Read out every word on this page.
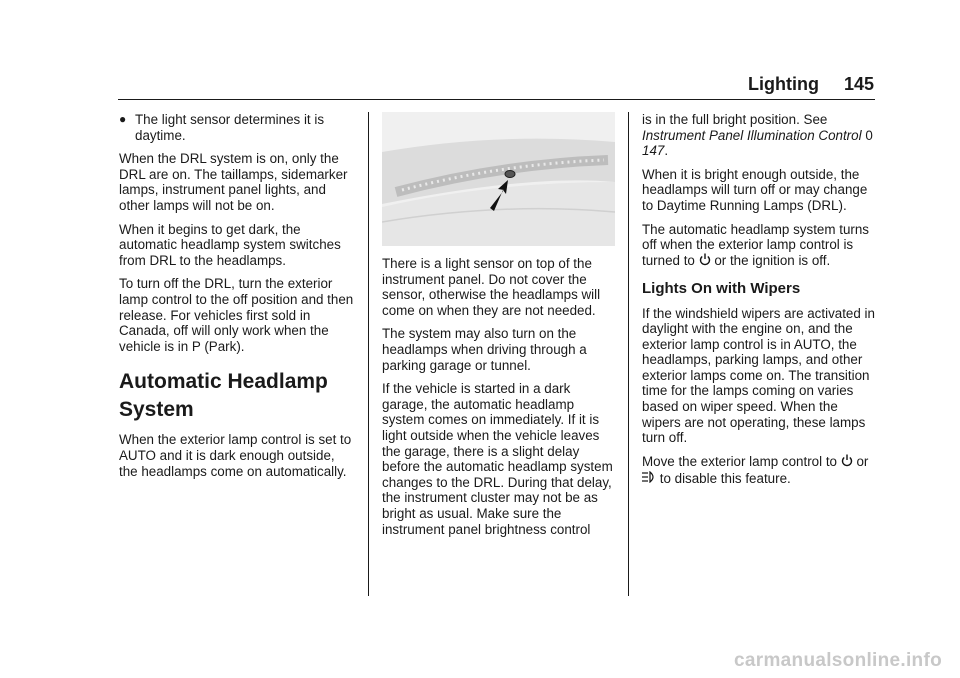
Lighting 145
● The light sensor determines it is daytime.

When the DRL system is on, only the DRL are on. The taillamps, sidemarker lamps, instrument panel lights, and other lamps will not be on.

When it begins to get dark, the automatic headlamp system switches from DRL to the headlamps.

To turn off the DRL, turn the exterior lamp control to the off position and then release. For vehicles first sold in Canada, off will only work when the vehicle is in P (Park).

Automatic Headlamp System

When the exterior lamp control is set to AUTO and it is dark enough outside, the headlamps come on automatically.

There is a light sensor on top of the instrument panel. Do not cover the sensor, otherwise the headlamps will come on when they are not needed.

The system may also turn on the headlamps when driving through a parking garage or tunnel.

If the vehicle is started in a dark garage, the automatic headlamp system comes on immediately. If it is light outside when the vehicle leaves the garage, there is a slight delay before the automatic headlamp system changes to the DRL. During that delay, the instrument cluster may not be as bright as usual. Make sure the instrument panel brightness control

is in the full bright position. See Instrument Panel Illumination Control 0 147.

When it is bright enough outside, the headlamps will turn off or may change to Daytime Running Lamps (DRL).

The automatic headlamp system turns off when the exterior lamp control is turned to or the ignition is off.

Lights On with Wipers

If the windshield wipers are activated in daylight with the engine on, and the exterior lamp control is in AUTO, the headlamps, parking lamps, and other exterior lamps come on. The transition time for the lamps coming on varies based on wiper speed. When the wipers are not operating, these lamps turn off.

Move the exterior lamp control to or  to disable this feature.

carmanualsonline.info
